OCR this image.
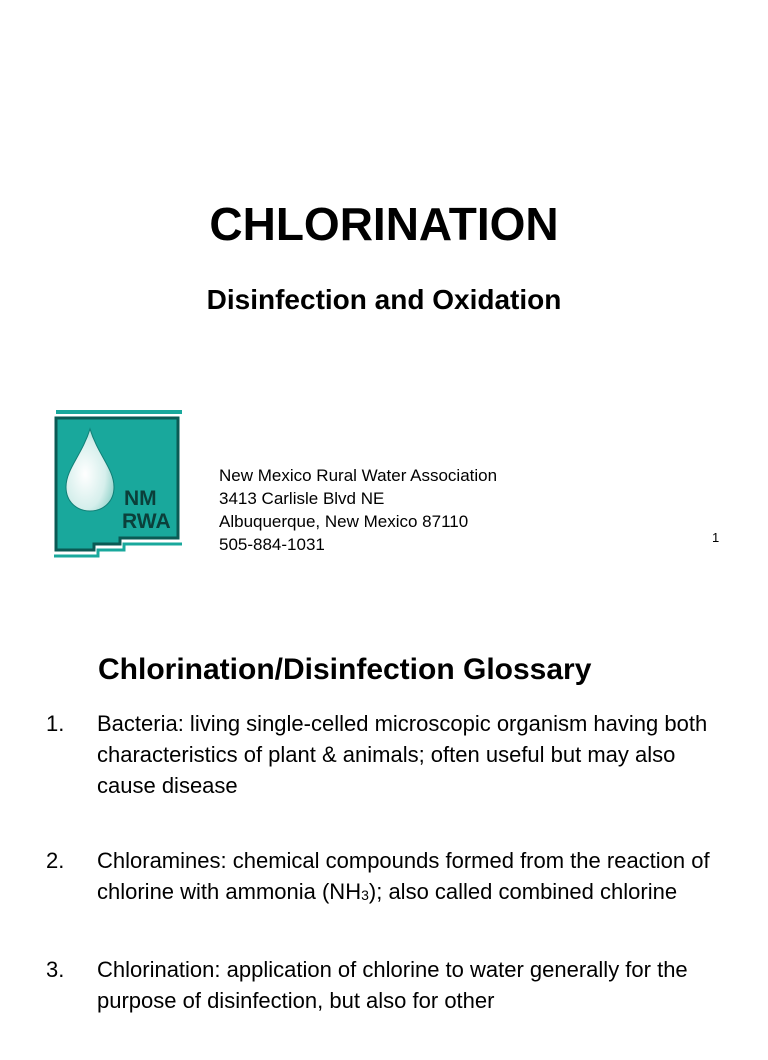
CHLORINATION
Disinfection and Oxidation
NM
RWA
New Mexico Rural Water Association
3413 Carlisle Blvd NE
Albuquerque, New Mexico 87110
505-884-1031	1
Chlorination/Disinfection Glossary
1. Bacteria: living single-celled microscopic organism having both characteristics of plant & animals; often useful but may also cause disease
2. Chloramines: chemical compounds formed from the reaction of chlorine with ammonia $(NH_3)$; also called combined chlorine
3. Chlorination: application of chlorine to water generally for the purpose of disinfection, but also for other
